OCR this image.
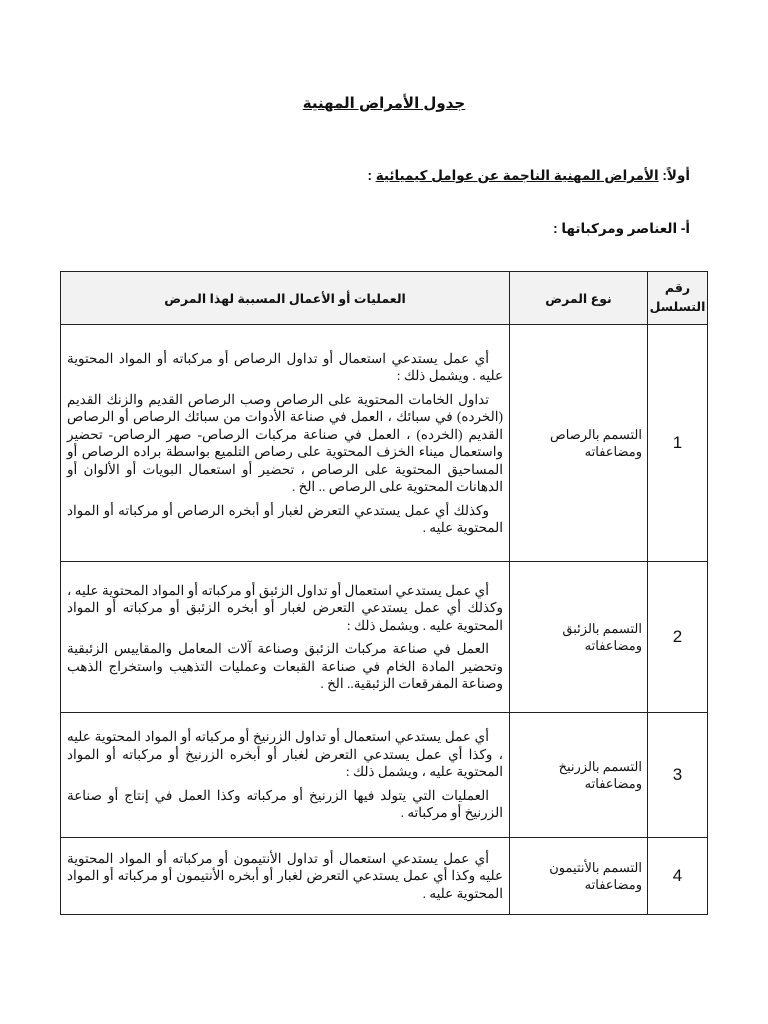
جدول الأمراض المهنية
أولاً: الأمراض المهنية الناجمة عن عوامل كيميائية :
أ- العناصر ومركباتها :
رقم التسلسل	نوع المرض	العمليات أو الأعمال المسببة لهذا المرض
1	التسمم بالرصاص ومضاعفاته	أي عمل يستدعي استعمال أو تداول الرصاص أو مركباته أو المواد المحتوية عليه . ويشمل ذلك :

تداول الخامات المحتوية على الرصاص وصب الرصاص القديم والزنك القديم (الخرده) في سبائك ، العمل في صناعة الأدوات من سبائك الرصاص أو الرصاص القديم (الخرده) ، العمل في صناعة مركبات الرصاص- صهر الرصاص- تحضير واستعمال ميناء الخزف المحتوية على رصاص التلميع بواسطة براده الرصاص أو المساحيق المحتوية على الرصاص ، تحضير أو استعمال البويات أو الألوان أو الدهانات المحتوية على الرصاص .. الخ .

وكذلك أي عمل يستدعي التعرض لغبار أو أبخره الرصاص أو مركباته أو المواد المحتوية عليه .

2	التسمم بالزئبق ومضاعفاته	أي عمل يستدعي استعمال أو تداول الزئبق أو مركباته أو المواد المحتوية عليه ، وكذلك أي عمل يستدعي التعرض لغبار أو أبخره الزئبق أو مركباته أو المواد المحتوية عليه . ويشمل ذلك :

العمل في صناعة مركبات الزئبق وصناعة آلات المعامل والمقاييس الزئبقية وتحضير المادة الخام في صناعة القبعات وعمليات التذهيب واستخراج الذهب وصناعة المفرقعات الزئبقية.. الخ .

3	التسمم بالزرنيخ ومضاعفاته	أي عمل يستدعي استعمال أو تداول الزرنيخ أو مركباته أو المواد المحتوية عليه ، وكذا أي عمل يستدعي التعرض لغبار أو أبخره الزرنيخ أو مركباته أو المواد المحتوية عليه ، ويشمل ذلك :

العمليات التي يتولد فيها الزرنيخ أو مركباته وكذا العمل في إنتاج أو صناعة الزرنيخ أو مركباته .

4	التسمم بالأنتيمون ومضاعفاته	أي عمل يستدعي استعمال أو تداول الأنتيمون أو مركباته أو المواد المحتوية عليه وكذا أي عمل يستدعي التعرض لغبار أو أبخره الأنتيمون أو مركباته أو المواد المحتوية عليه .
